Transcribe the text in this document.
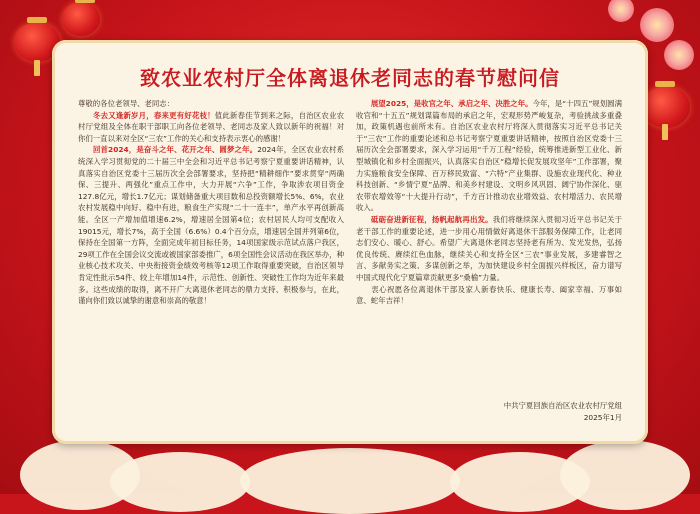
致农业农村厅全体离退休老同志的春节慰问信

尊敬的各位老领导、老同志：

  冬去又逢新岁月，春来更有好花枝！值此新春佳节到来之际，自治区农业农村厅党组及全体在职干部职工向各位老领导、老同志及家人致以新年的祝福！对你们一直以来对全区“三农”工作的关心和支持表示衷心的感谢！

  回首2024，是奋斗之年、花开之年、圆梦之年。2024年，全区农业农村系统深入学习贯彻党的二十届三中全会和习近平总书记考察宁夏重要讲话精神，认真落实自治区党委十三届历次全会部署要求，坚持把“精耕细作”要求贯穿“两确保、三提升、两强化”重点工作中，大力开展“六争”工作，争取涉农项目资金127.8亿元，增长1.7亿元；谋划储备重大项目数和总投资额增长5%、6%，农业农村发展稳中向好、稳中有进，粮食生产实现“二十一连丰”，单产水平再创新高能。全区一产增加值增速6.2%，增速居全国第4位；农村居民人均可支配收入19015元，增长7%，高于全国（6.6%）0.4个百分点，增速居全国并列第6位，保持在全国第一方阵，全面完成年初目标任务，14项国家级示范试点落户我区，29项工作在全国会议交流或被国家部委推广，6项全国性会议活动在我区举办，种业核心技术攻关、中央衔接资金绩效考核等12项工作取得重要突破，自治区领导肯定性批示54件、较上年增加14件，示范性、创新性、突破性工作均为近年来最多。这些成绩的取得，离不开广大离退休老同志的鼎力支持、积极参与，在此，谨向你们致以诚挚的谢意和崇高的敬意！

  展望2025，是收官之年、承启之年、决胜之年。今年，是“十四五”规划圆满收官和“十五五”规划谋篇布局的承启之年，宏观形势严峻复杂，考验挑战多重叠加，政策机遇也前所未有。自治区农业农村厅将深入贯彻落实习近平总书记关于“三农”工作的重要论述和总书记考察宁夏重要讲话精神，按照自治区党委十三届历次全会部署要求，深入学习运用“千万工程”经验，统筹推进新型工业化、新型城镇化和乡村全面振兴，认真落实自治区“稳增长促发展攻坚年”工作部署，聚力实施粮食安全保障、百万移民致富、“六特”产业集群、设施农业现代化、种业科技创新、“乡情宁夏”品牌、和美乡村建设、文明乡风巩固、阔宁协作深化、驱农带农增效等“十大提升行动”，千方百计推动农业增效益、农村增活力、农民增收入。

  砥砺奋进新征程，扬帆起航再出发。我们将继续深入贯彻习近平总书记关于老干部工作的重要论述，进一步用心用情做好离退休干部服务保障工作，让老同志们安心、暖心、舒心。希望广大离退休老同志坚持老有所为、发光发热，弘扬优良传统、赓续红色血脉，继续关心和支持全区“三农”事业发展，多建睿智之言、多献务实之策、多谋创新之举，为加快建设乡村全面振兴样板区，奋力谱写中国式现代化宁夏篇章贡献更多“桑榆”力量。

  衷心祝愿各位离退休干部及家人新春快乐、健康长寿、阖家幸福、万事如意、蛇年吉祥！

中共宁夏回族自治区农业农村厅党组
2025年1月
